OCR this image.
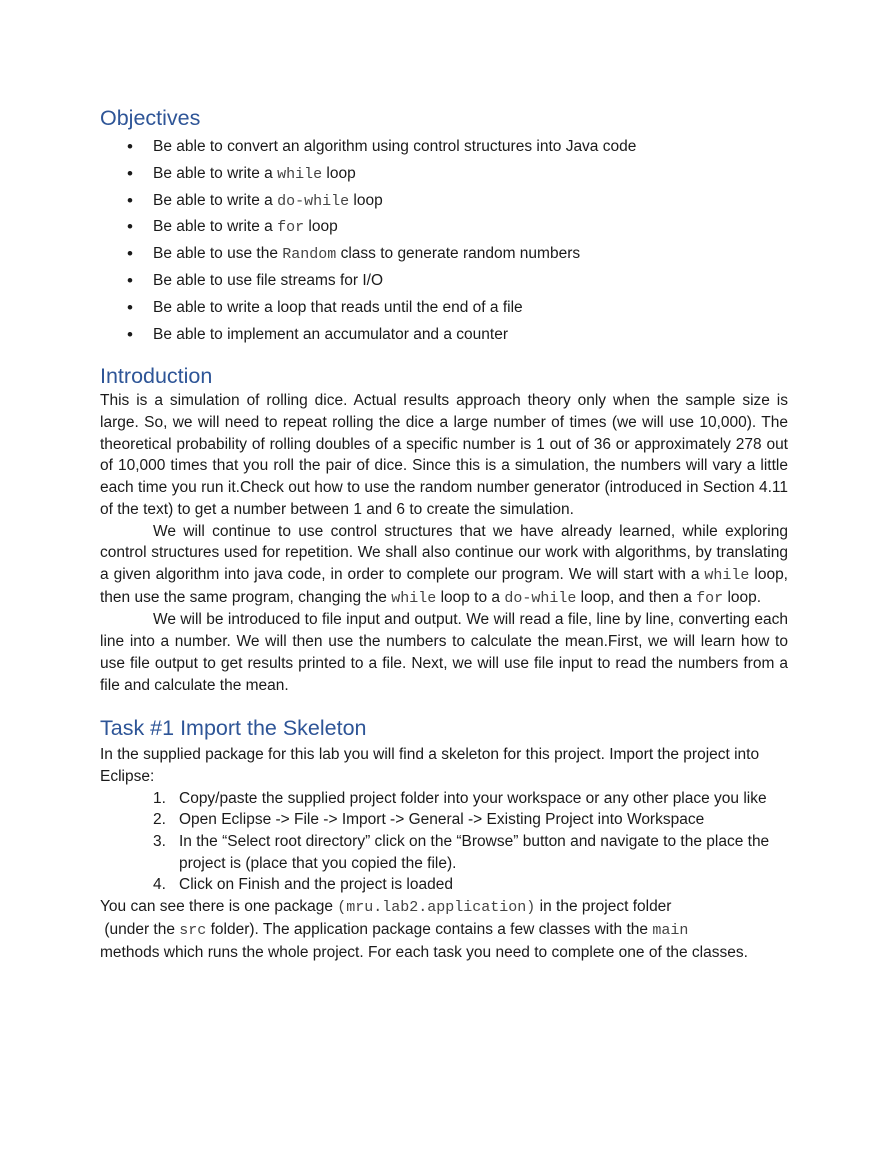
Objectives
• Be able to convert an algorithm using control structures into Java code
• Be able to write a while loop
• Be able to write a do-while loop
• Be able to write a for loop
• Be able to use the Random class to generate random numbers
• Be able to use file streams for I/O
• Be able to write a loop that reads until the end of a file
• Be able to implement an accumulator and a counter
Introduction

This is a simulation of rolling dice. Actual results approach theory only when the sample size is large. So, we will need to repeat rolling the dice a large number of times (we will use 10,000). The theoretical probability of rolling doubles of a specific number is 1 out of 36 or approximately 278 out of 10,000 times that you roll the pair of dice. Since this is a simulation, the numbers will vary a little each time you run it.Check out how to use the random number generator (introduced in Section 4.11 of the text) to get a number between 1 and 6 to create the simulation.

We will continue to use control structures that we have already learned, while exploring control structures used for repetition. We shall also continue our work with algorithms, by translating a given algorithm into java code, in order to complete our program. We will start with a while loop, then use the same program, changing the while loop to a do-while loop, and then a for loop.

We will be introduced to file input and output. We will read a file, line by line, converting each line into a number. We will then use the numbers to calculate the mean.First, we will learn how to use file output to get results printed to a file. Next, we will use file input to read the numbers from a file and calculate the mean.

Task #1 Import the Skeleton

In the supplied package for this lab you will find a skeleton for this project. Import the project into Eclipse:

1. Copy/paste the supplied project folder into your workspace or any other place you like
2. Open Eclipse -> File -> Import -> General -> Existing Project into Workspace
3. In the “Select root directory” click on the “Browse” button and navigate to the place the project is (place that you copied the file).
4. Click on Finish and the project is loaded

You can see there is one package (mru.lab2.application) in the project folder

(under the src folder). The application package contains a few classes with the main

methods which runs the whole project. For each task you need to complete one of the classes.
